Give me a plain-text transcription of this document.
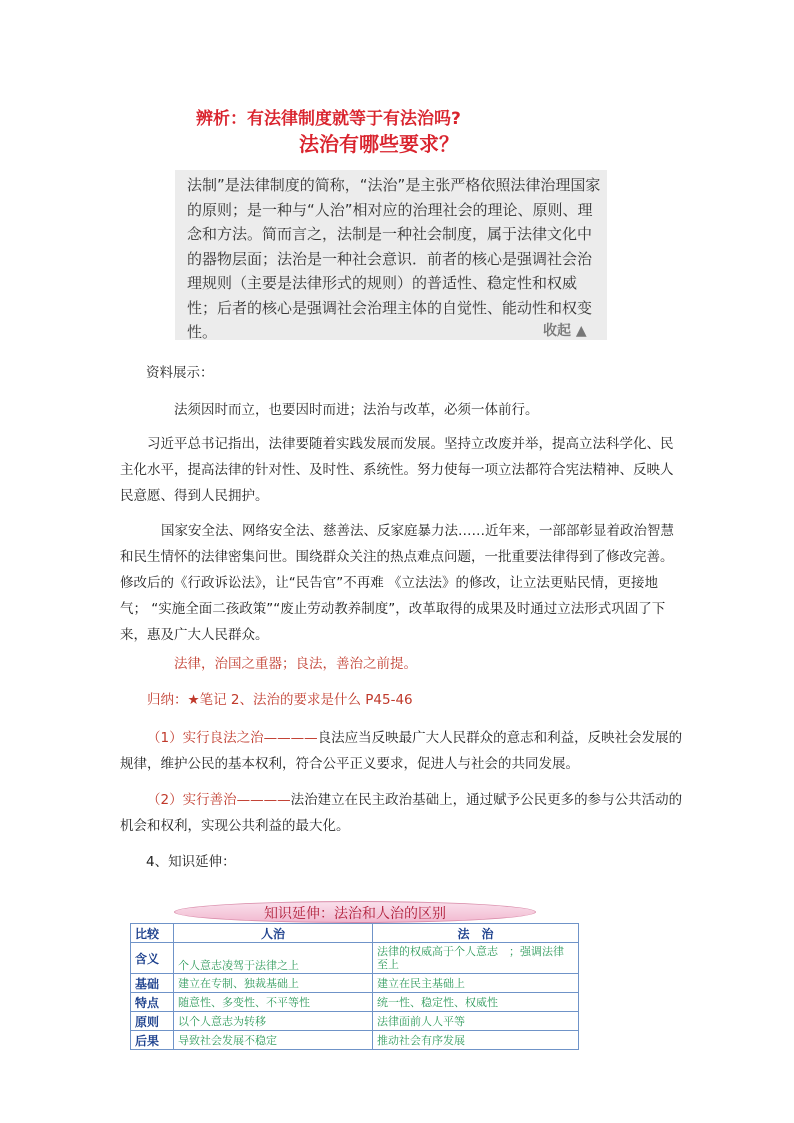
辨析：有法律制度就等于有法治吗?
法治有哪些要求？
法制”是法律制度的简称，“法治”是主张严格依照法律治理国家的原则；是一种与“人治”相对应的治理社会的理论、原则、理念和方法。简而言之，法制是一种社会制度，属于法律文化中的器物层面；法治是一种社会意识．前者的核心是强调社会治理规则（主要是法律形式的规则）的普适性、稳定性和权威性；后者的核心是强调社会治理主体的自觉性、能动性和权变性。	收起 ▲
资料展示：

法须因时而立，也要因时而进；法治与改革，必须一体前行。

习近平总书记指出，法律要随着实践发展而发展。坚持立改废并举，提高立法科学化、民主化水平，提高法律的针对性、及时性、系统性。努力使每一项立法都符合宪法精神、反映人民意愿、得到人民拥护。

国家安全法、网络安全法、慈善法、反家庭暴力法……近年来，一部部彰显着政治智慧和民生情怀的法律密集问世。围绕群众关注的热点难点问题，一批重要法律得到了修改完善。修改后的《行政诉讼法》，让“民告官”不再难 《立法法》的修改，让立法更贴民情，更接地气； “实施全面二孩政策”“废止劳动教养制度”，改革取得的成果及时通过立法形式巩固了下来，惠及广大人民群众。

法律，治国之重器；良法，善治之前提。

归纳：★笔记 2、法治的要求是什么 P45-46

（1）实行良法之治————良法应当反映最广大人民群众的意志和利益，反映社会发展的规律，维护公民的基本权利，符合公平正义要求，促进人与社会的共同发展。

（2）实行善治————法治建立在民主政治基础上，通过赋予公民更多的参与公共活动的机会和权利，实现公共利益的最大化。

4、知识延伸：

知识延伸：法治和人治的区别
比较	人治	法　治
含义	个人意志凌驾于法律之上	法律的权威高于个人意志　；强调法律至上
基础	建立在专制、独裁基础上	建立在民主基础上
特点	随意性、多变性、不平等性	统一性、稳定性、权威性
原则	以个人意志为转移	法律面前人人平等
后果	导致社会发展不稳定	推动社会有序发展
